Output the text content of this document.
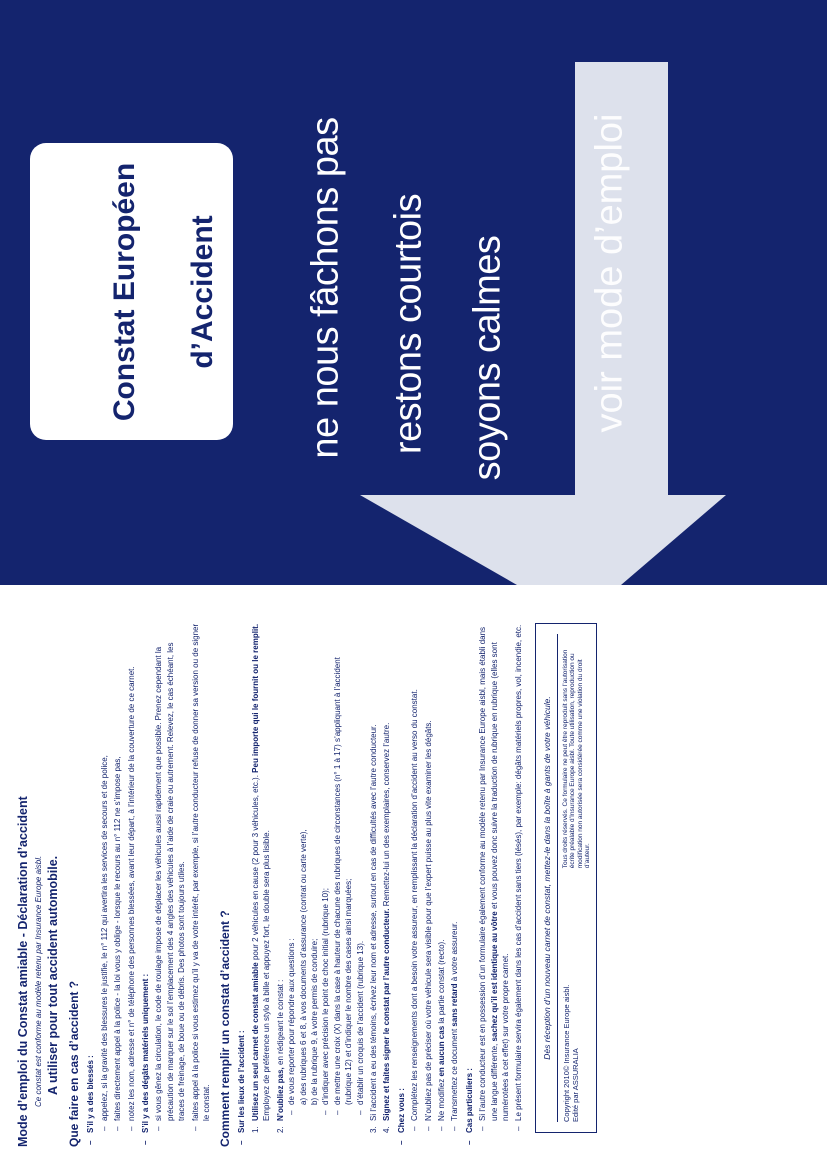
Constat Européen d’Accident ne nous fâchons pas restons courtois soyons calmes voir mode d’emploi
Mode d’emploi du Constat amiable - Déclaration d’accident Ce constat est conforme au modèle retenu par Insurance Europe aisbl. A utiliser pour tout accident automobile. Que faire en cas d’accident ? – S’il y a des blessés : – appelez, si la gravité des blessures le justifie, le n° 112 qui avertira les services de secours et de police, – faites directement appel à la police - la loi vous y oblige - lorsque le recours au n° 112 ne s’impose pas, – notez les nom, adresse et n° de téléphone des personnes blessées, avant leur départ, à l’intérieur de la couverture de ce carnet. – S’il y a des dégâts matériels uniquement : – si vous gênez la circulation, le code de roulage impose de déplacer les véhicules aussi rapidement que possible. Prenez cependant la précaution de marquer sur le sol l’emplacement des 4 angles des véhicules à l’aide de craie ou autrement. Relevez, le cas échéant, les traces de freinage, de boue ou de débris. Des photos sont toujours utiles. – faites appel à la police si vous estimez qu’il y va de votre intérêt, par exemple, si l’autre conducteur refuse de donner sa version ou de signer le constat. Comment remplir un constat d’accident ? – Sur les lieux de l’accident : 1.
Utilisez un seul carnet de constat amiable pour 2 véhicules en cause (2 pour 3 véhicules, etc.). Peu importe qui le fournit ou le remplit. Employez de préférence un stylo à bille et appuyez fort, le double sera plus lisible.
2.
N’oubliez pas, en rédigeant le constat : – de vous reporter pour répondre aux questions : a) des rubriques 6 et 8, à vos documents d’assurance (contrat ou carte verte), b) de la rubrique 9, à votre permis de conduire; – d’indiquer avec précision le point de choc initial (rubrique 10); – de mettre une croix (X) dans la case à hauteur de chacune des rubriques de circonstances (n° 1 à 17) s’appliquant à l’accident (rubrique 12) et d’indiquer le nombre des cases ainsi marquées; – d’établir un croquis de l’accident (rubrique 13).
3.
Si l’accident a eu des témoins, écrivez leur nom et adresse, surtout en cas de difficultés avec l’autre conducteur.
4.
Signez et faites signer le constat par l’autre conducteur. Remettez-lui un des exemplaires, conservez l’autre.
– Chez vous : – Complétez les renseignements dont a besoin votre assureur, en remplissant la déclaration d’accident au verso du constat. – N’oubliez pas de préciser où votre véhicule sera visible pour que l’expert puisse au plus vite examiner les dégâts. – Ne modifiez en aucun cas la partie constat (recto).
– Transmettez ce document sans retard à votre assureur.
– Cas particuliers : – Si l’autre conducteur est en possession d’un formulaire également conforme au modèle retenu par Insurance Europe aisbl, mais établi dans une langue différente, sachez qu’il est identique au vôtre et vous pouvez donc suivre la traduction de rubrique en rubrique (elles sont numérotées à cet effet) sur votre propre carnet. – Le présent formulaire servira également dans les cas d’accident sans tiers (lésés), par exemple: dégâts matériels propres, vol, incendie, etc. Dès réception d’un nouveau carnet de constat, mettez-le dans la boîte à gants de votre véhicule.	Copyright 2010© Insurance Europe aisbl. Edité par ASSURALIA
Tous droits réservés. Ce formulaire ne peut être reproduit sans l’autorisation écrite préalable d’Insurance Europe aisbl. Toute utilisation, reproduction ou modification non autorisée sera considérée comme une violation du droit d’auteur.
